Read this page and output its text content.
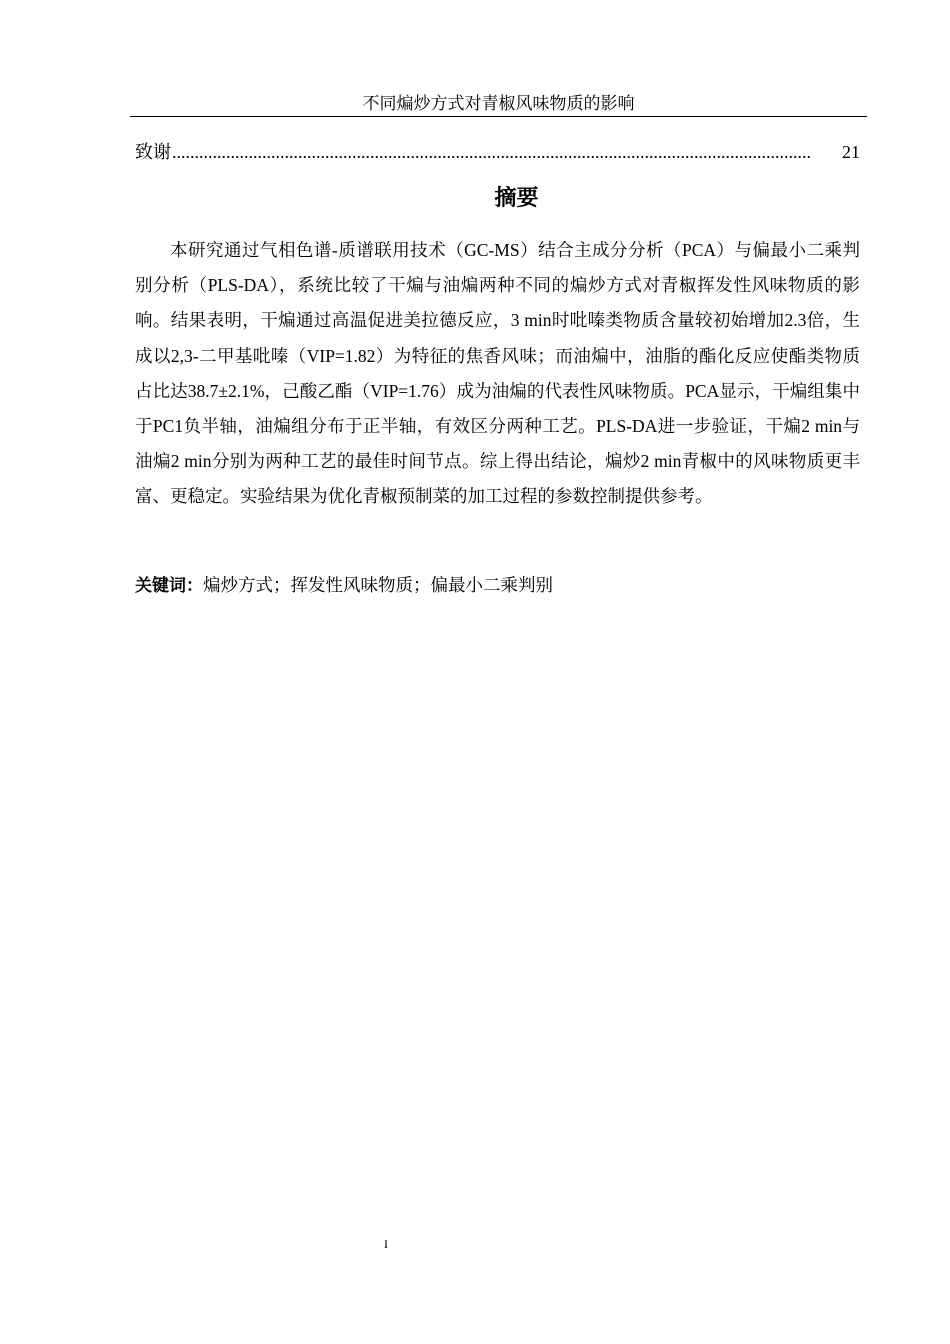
不同煸炒方式对青椒风味物质的影响
致谢 ..............................................................................................................................................	21
摘要

本研究通过气相色谱-质谱联用技术（GC-MS）结合主成分分析（PCA）与偏最小二乘判别分析（PLS-DA），系统比较了干煸与油煸两种不同的煸炒方式对青椒挥发性风味物质的影响。结果表明，干煸通过高温促进美拉德反应，3 min时吡嗪类物质含量较初始增加2.3倍，生成以2,3-二甲基吡嗪（VIP=1.82）为特征的焦香风味；而油煸中，油脂的酯化反应使酯类物质占比达38.7±2.1%，己酸乙酯（VIP=1.76）成为油煸的代表性风味物质。PCA显示，干煸组集中于PC1负半轴，油煸组分布于正半轴，有效区分两种工艺。PLS-DA进一步验证，干煸2 min与油煸2 min分别为两种工艺的最佳时间节点。综上得出结论，煸炒2 min青椒中的风味物质更丰富、更稳定。实验结果为优化青椒预制菜的加工过程的参数控制提供参考。

关键词：煸炒方式；挥发性风味物质；偏最小二乘判别

I
